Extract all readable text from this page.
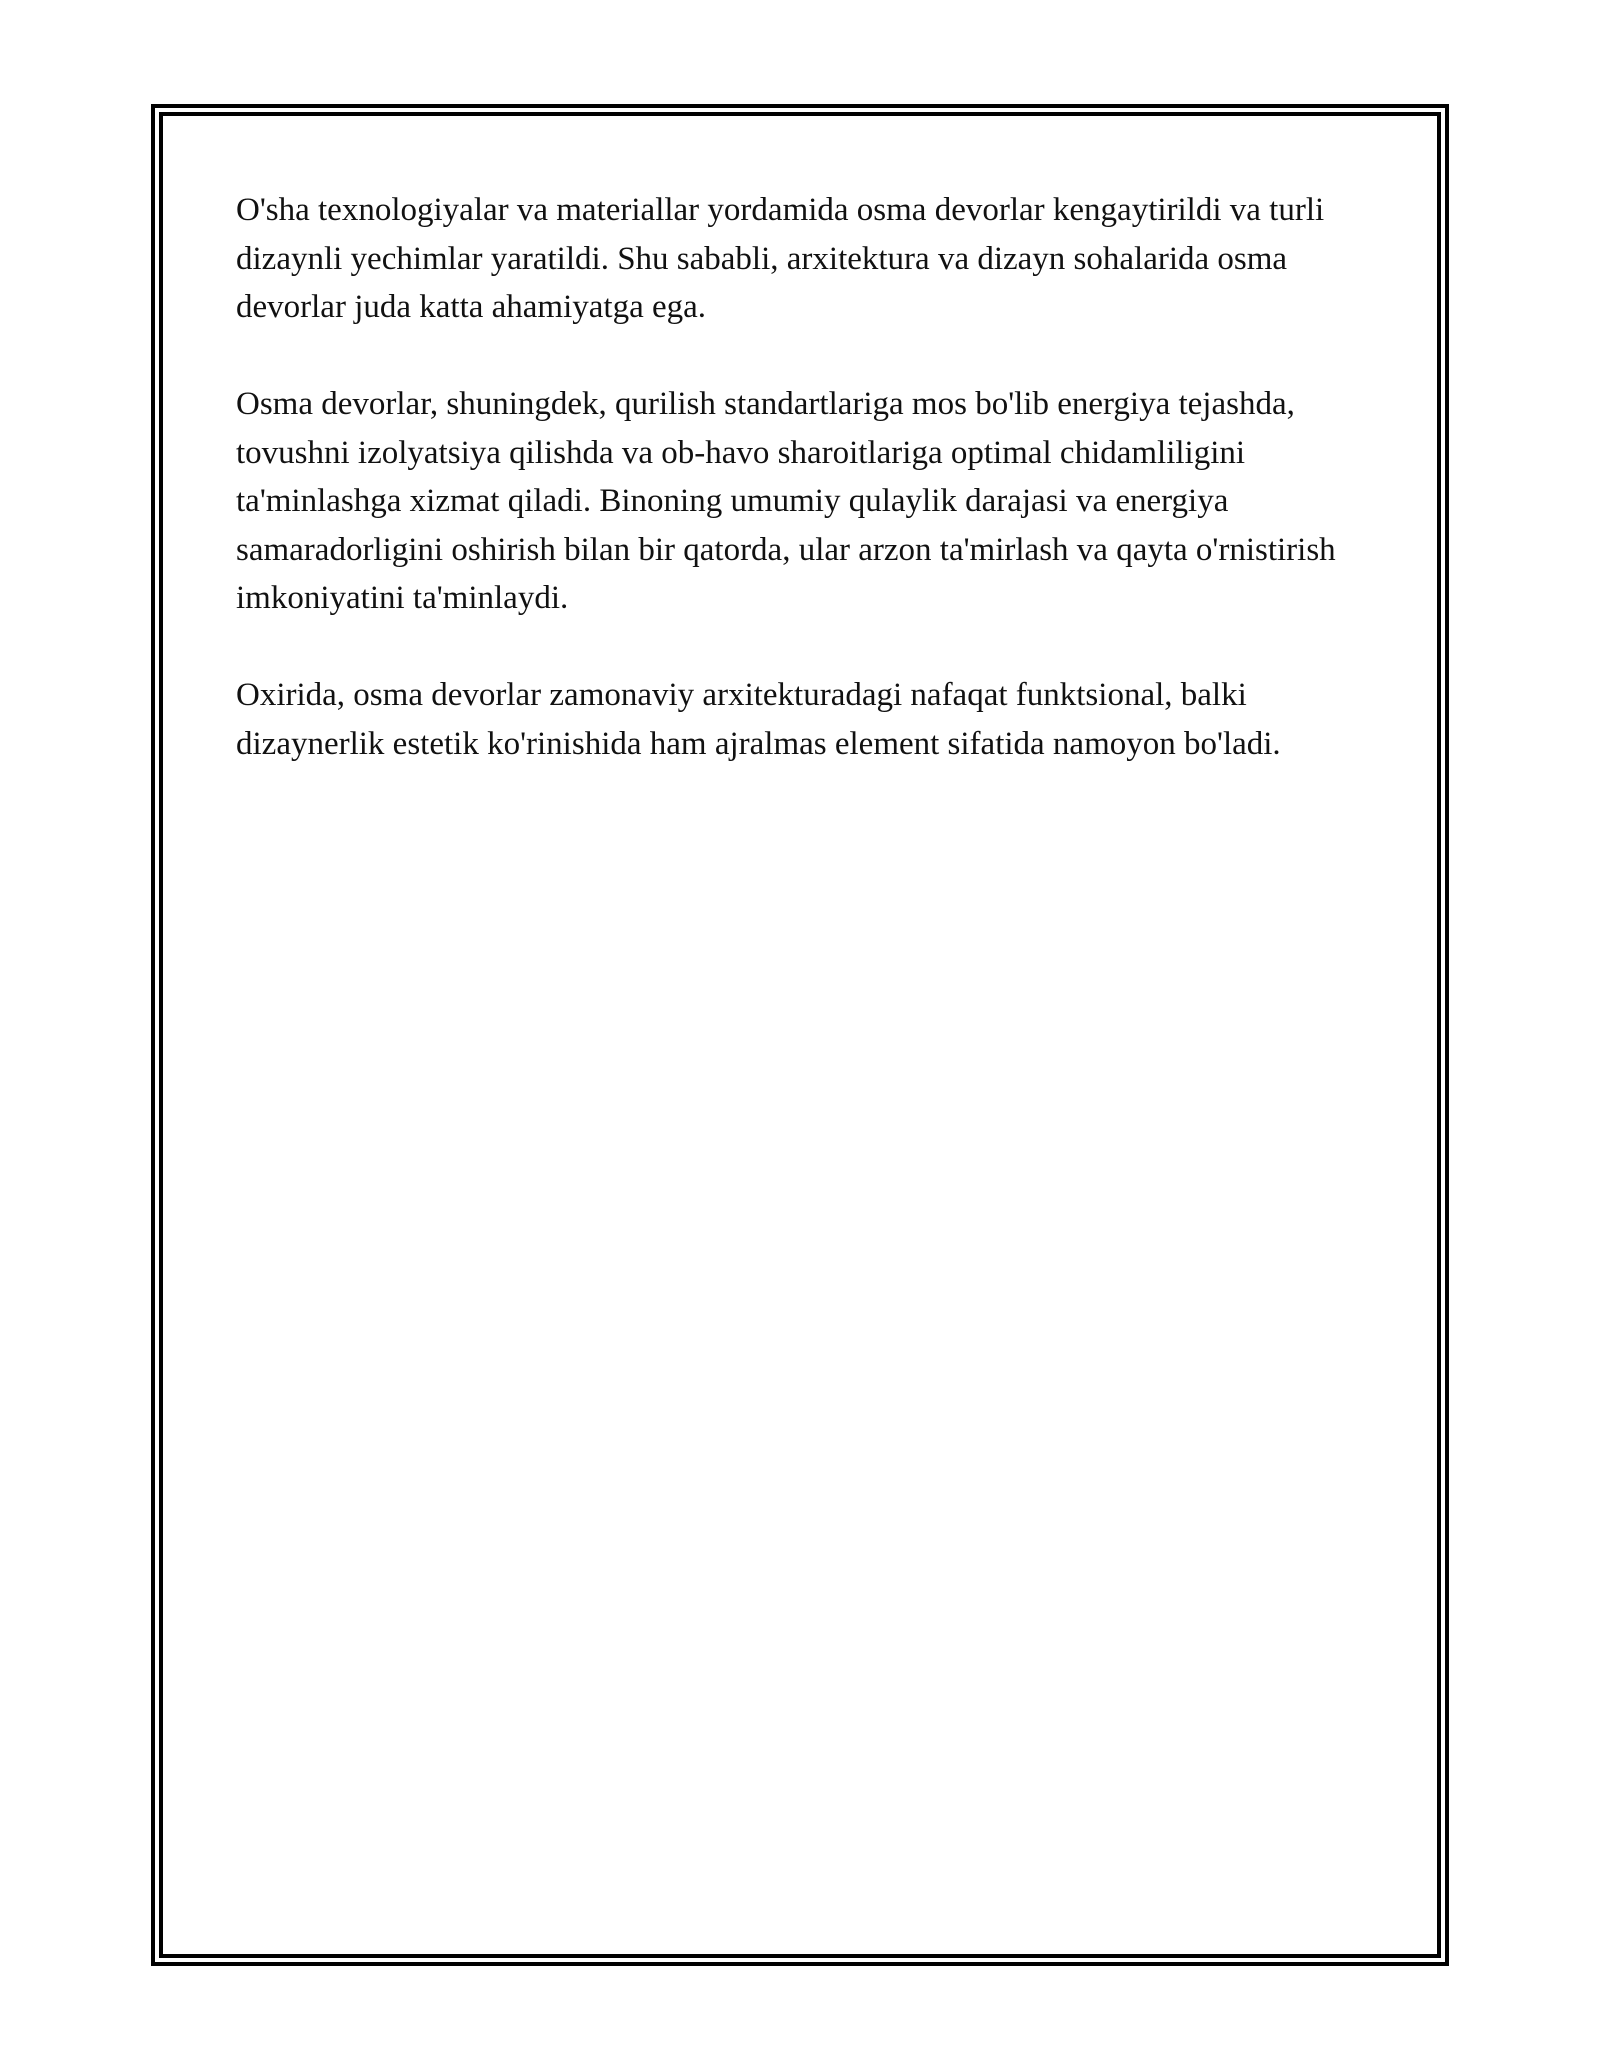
O'sha texnologiyalar va materiallar yordamida osma devorlar kengaytirildi va turli dizaynli yechimlar yaratildi. Shu sababli, arxitektura va dizayn sohalarida osma devorlar juda katta ahamiyatga ega.

Osma devorlar, shuningdek, qurilish standartlariga mos bo'lib energiya tejashda, tovushni izolyatsiya qilishda va ob-havo sharoitlariga optimal chidamliligini ta'minlashga xizmat qiladi. Binoning umumiy qulaylik darajasi va energiya samaradorligini oshirish bilan bir qatorda, ular arzon ta'mirlash va qayta o'rnistirish imkoniyatini ta'minlaydi.

Oxirida, osma devorlar zamonaviy arxitekturadagi nafaqat funktsional, balki dizaynerlik estetik ko'rinishida ham ajralmas element sifatida namoyon bo'ladi.
